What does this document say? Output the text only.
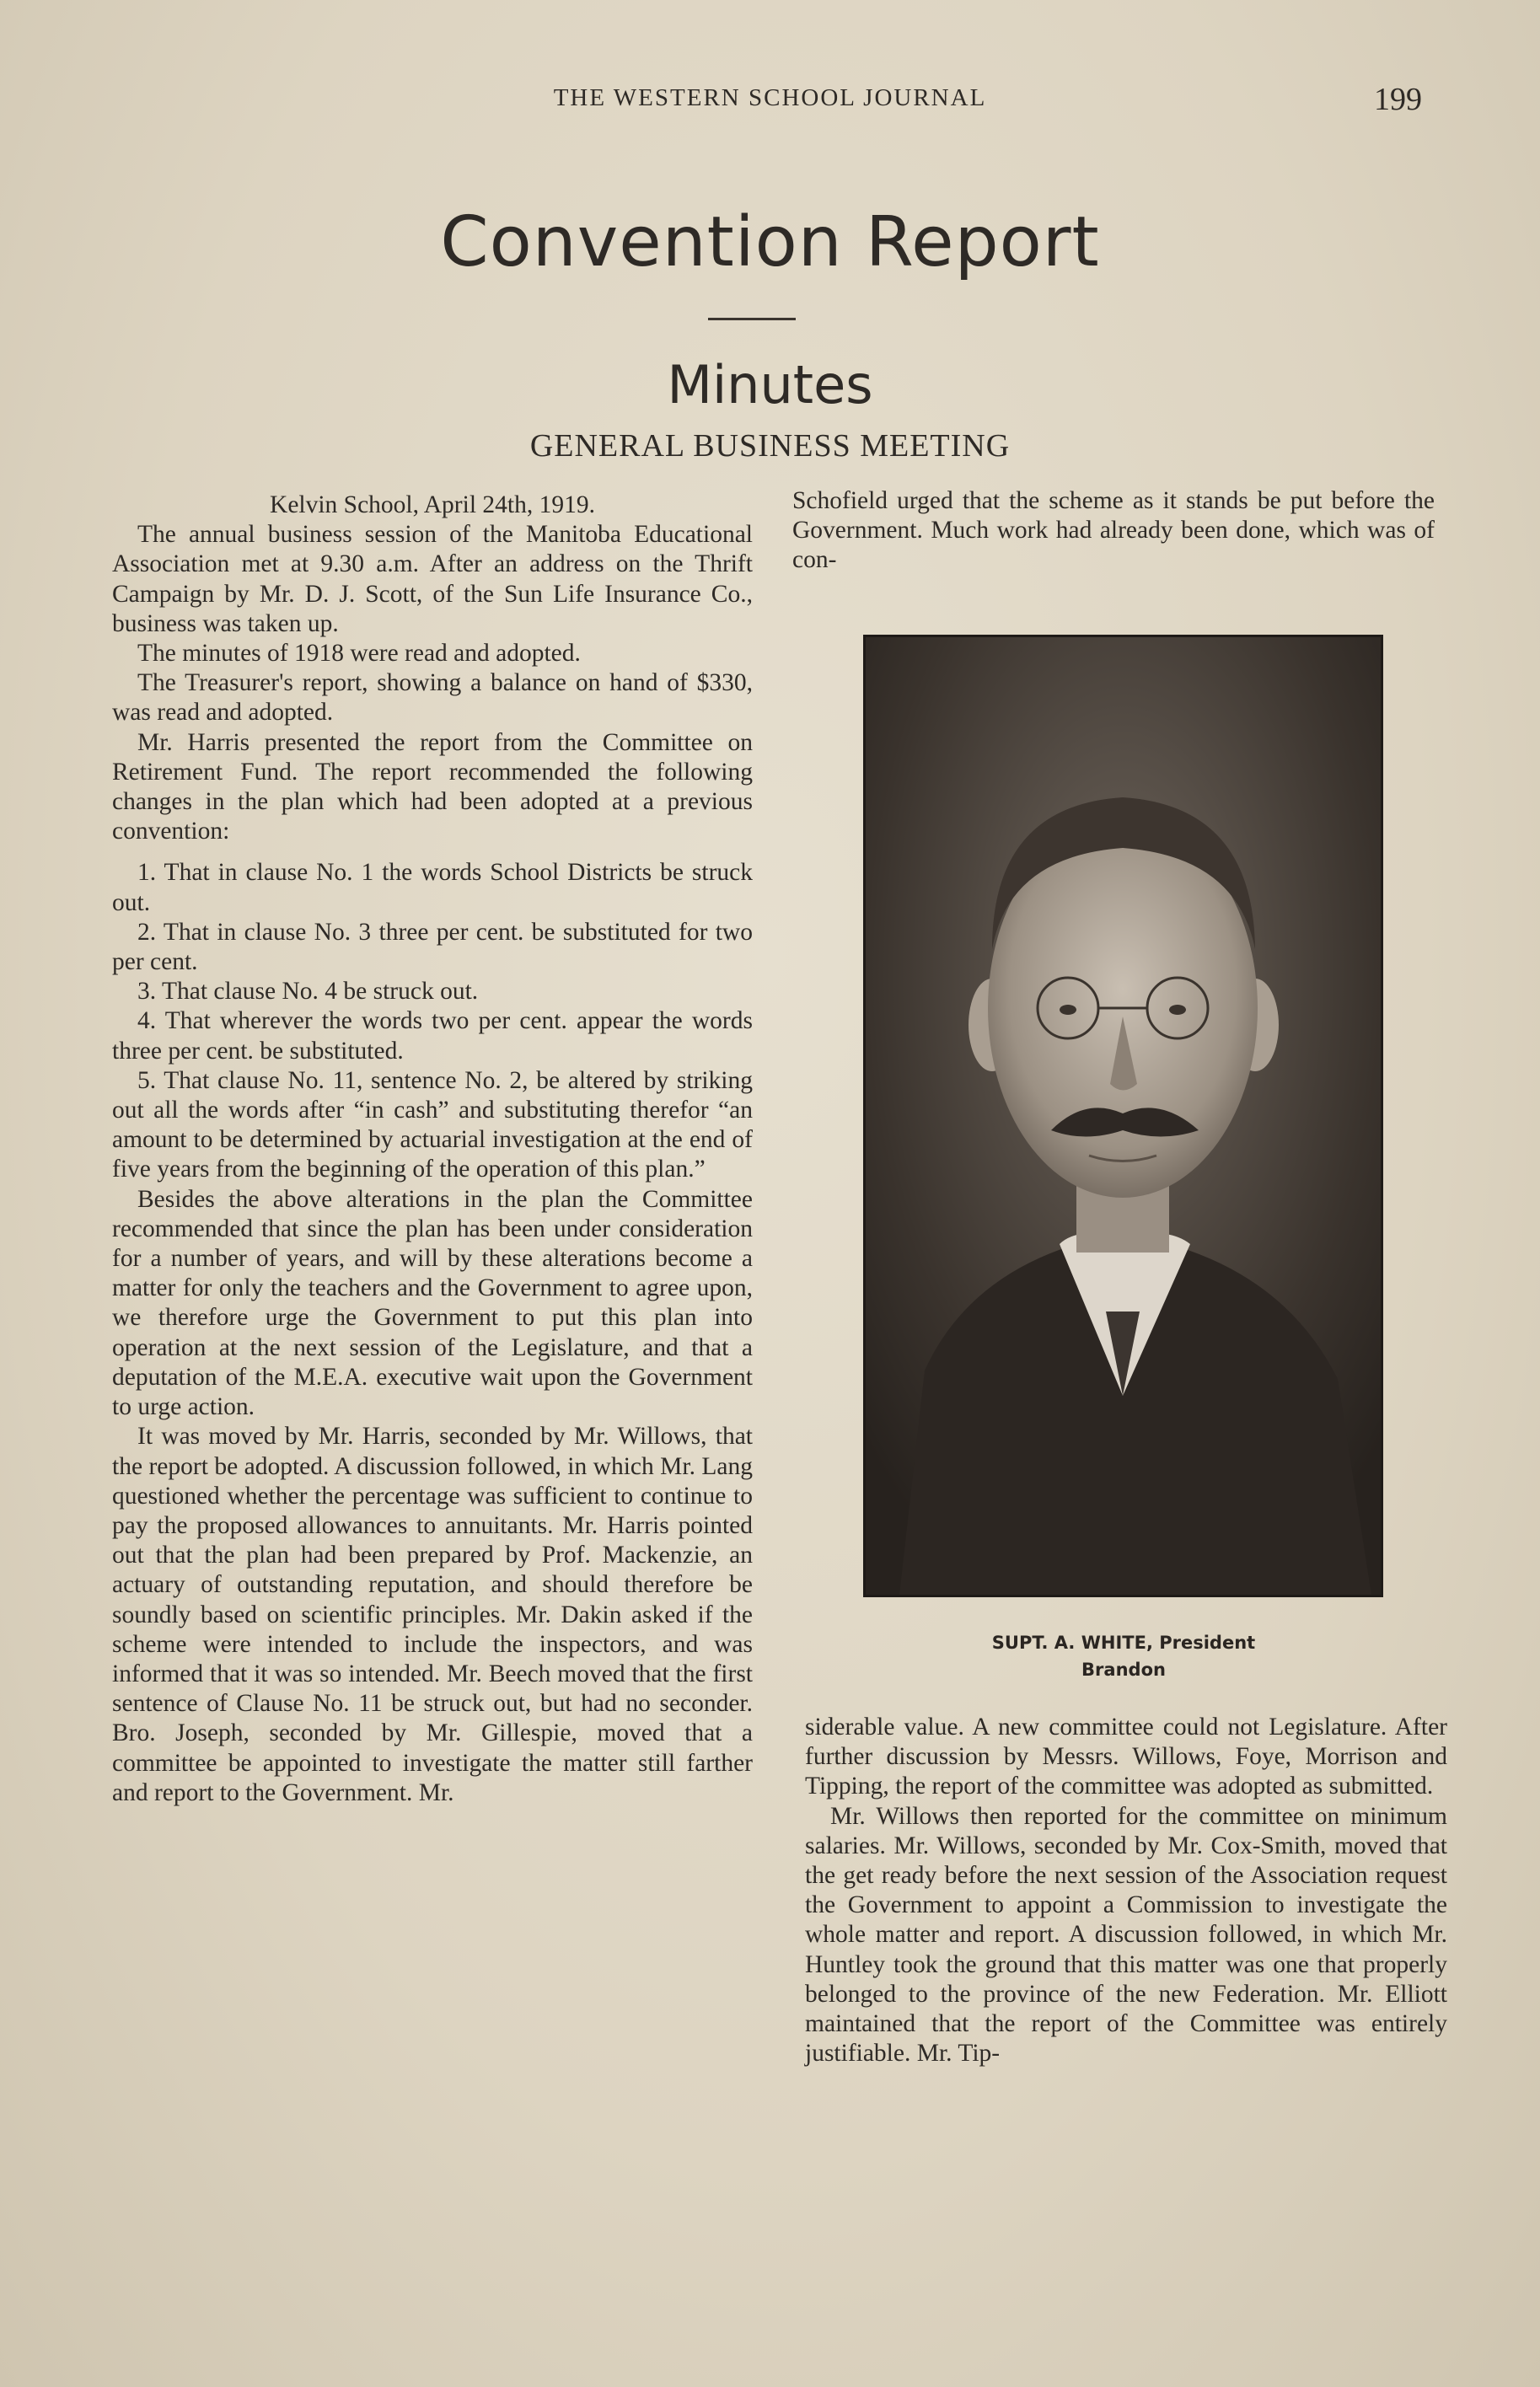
THE WESTERN SCHOOL JOURNAL	199
Convention Report
Minutes
GENERAL BUSINESS MEETING

Kelvin School, April 24th, 1919.

The annual business session of the Manitoba Educational Association met at 9.30 a.m. After an address on the Thrift Campaign by Mr. D. J. Scott, of the Sun Life Insurance Co., business was taken up.

The minutes of 1918 were read and adopted.

The Treasurer's report, showing a balance on hand of $330, was read and adopted.

Mr. Harris presented the report from the Committee on Retirement Fund. The report recommended the following changes in the plan which had been adopted at a previous convention:

1. That in clause No. 1 the words School Districts be struck out.

2. That in clause No. 3 three per cent. be substituted for two per cent.

3. That clause No. 4 be struck out.

4. That wherever the words two per cent. appear the words three per cent. be substituted.

5. That clause No. 11, sentence No. 2, be altered by striking out all the words after “in cash” and substituting therefor “an amount to be determined by actuarial investigation at the end of five years from the beginning of the operation of this plan.”

Besides the above alterations in the plan the Committee recommended that since the plan has been under consideration for a number of years, and will by these alterations become a matter for only the teachers and the Government to agree upon, we therefore urge the Government to put this plan into operation at the next session of the Legislature, and that a deputation of the M.E.A. executive wait upon the Government to urge action.

It was moved by Mr. Harris, seconded by Mr. Willows, that the report be adopted. A discussion followed, in which Mr. Lang questioned whether the percentage was sufficient to continue to pay the proposed allowances to annuitants. Mr. Harris pointed out that the plan had been prepared by Prof. Mackenzie, an actuary of outstanding reputation, and should therefore be soundly based on scientific principles. Mr. Dakin asked if the scheme were intended to include the inspectors, and was informed that it was so intended. Mr. Beech moved that the first sentence of Clause No. 11 be struck out, but had no seconder. Bro. Joseph, seconded by Mr. Gillespie, moved that a committee be appointed to investigate the matter still farther and report to the Government. Mr.

Schofield urged that the scheme as it stands be put before the Government. Much work had already been done, which was of con-

SUPT. A. WHITE, President
Brandon

siderable value. A new committee could not Legislature. After further discussion by Messrs. Willows, Foye, Morrison and Tipping, the report of the committee was adopted as submitted.

Mr. Willows then reported for the committee on minimum salaries. Mr. Willows, seconded by Mr. Cox-Smith, moved that the get ready before the next session of the Association request the Government to appoint a Commission to investigate the whole matter and report. A discussion followed, in which Mr. Huntley took the ground that this matter was one that properly belonged to the province of the new Federation. Mr. Elliott maintained that the report of the Committee was entirely justifiable. Mr. Tip-
